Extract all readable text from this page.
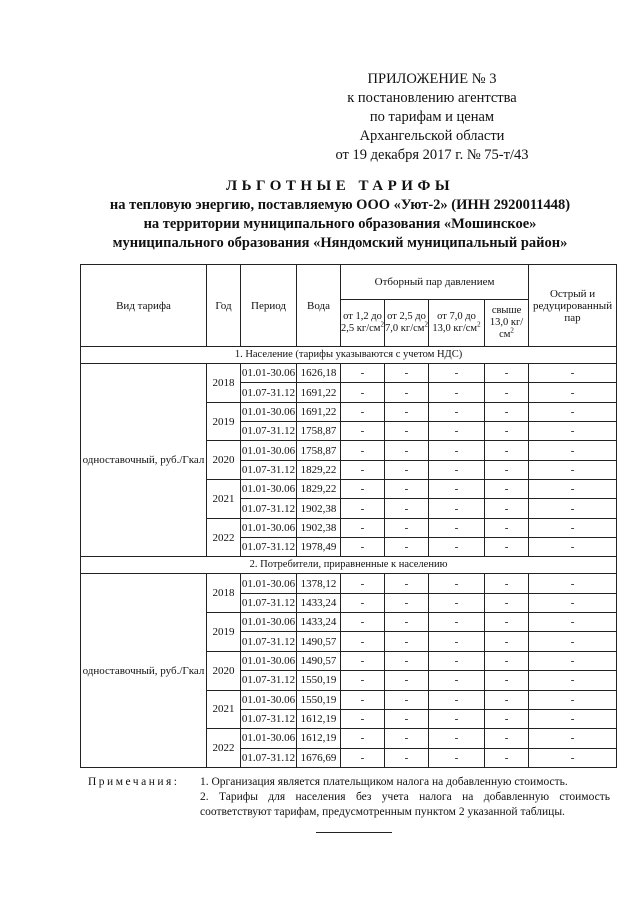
ПРИЛОЖЕНИЕ № 3
к постановлению агентства
по тарифам и ценам
Архангельской области
от 19 декабря 2017 г. № 75-т/43
ЛЬГОТНЫЕ ТАРИФЫ
на тепловую энергию, поставляемую ООО «Уют-2» (ИНН 2920011448)
на территории муниципального образования «Мошинское»
муниципального образования «Няндомский муниципальный район»
Вид тарифа	Год	Период	Вода	Отборный пар давлением				Острый и редуцированный пар
				от 1,2 до 2,5 $кг/см^2$	от 2,5 до 7,0 $кг/см^2$	от 7,0 до 13,0 $кг/см^2$	свыше 13,0 $кг/см^2$
1. Население (тарифы указываются с учетом НДС)								
одноставочный, руб./Гкал	2018	01.01-30.06	1626,18	-	-	-	-	-
		01.07-31.12	1691,22	-	-	-	-	-
	2019	01.01-30.06	1691,22	-	-	-	-	-
		01.07-31.12	1758,87	-	-	-	-	-
	2020	01.01-30.06	1758,87	-	-	-	-	-
		01.07-31.12	1829,22	-	-	-	-	-
	2021	01.01-30.06	1829,22	-	-	-	-	-
		01.07-31.12	1902,38	-	-	-	-	-
	2022	01.01-30.06	1902,38	-	-	-	-	-
		01.07-31.12	1978,49	-	-	-	-	-
2. Потребители, приравненные к населению								
одноставочный, руб./Гкал	2018	01.01-30.06	1378,12	-	-	-	-	-
		01.07-31.12	1433,24	-	-	-	-	-
	2019	01.01-30.06	1433,24	-	-	-	-	-
		01.07-31.12	1490,57	-	-	-	-	-
	2020	01.01-30.06	1490,57	-	-	-	-	-
		01.07-31.12	1550,19	-	-	-	-	-
	2021	01.01-30.06	1550,19	-	-	-	-	-
		01.07-31.12	1612,19	-	-	-	-	-
	2022	01.01-30.06	1612,19	-	-	-	-	-
		01.07-31.12	1676,69	-	-	-	-	-
Примечания: 1. Организация является плательщиком налога на добавленную стоимость.
2. Тарифы для населения без учета налога на добавленную стоимость соответствуют тарифам, предусмотренным пунктом 2 указанной таблицы.
